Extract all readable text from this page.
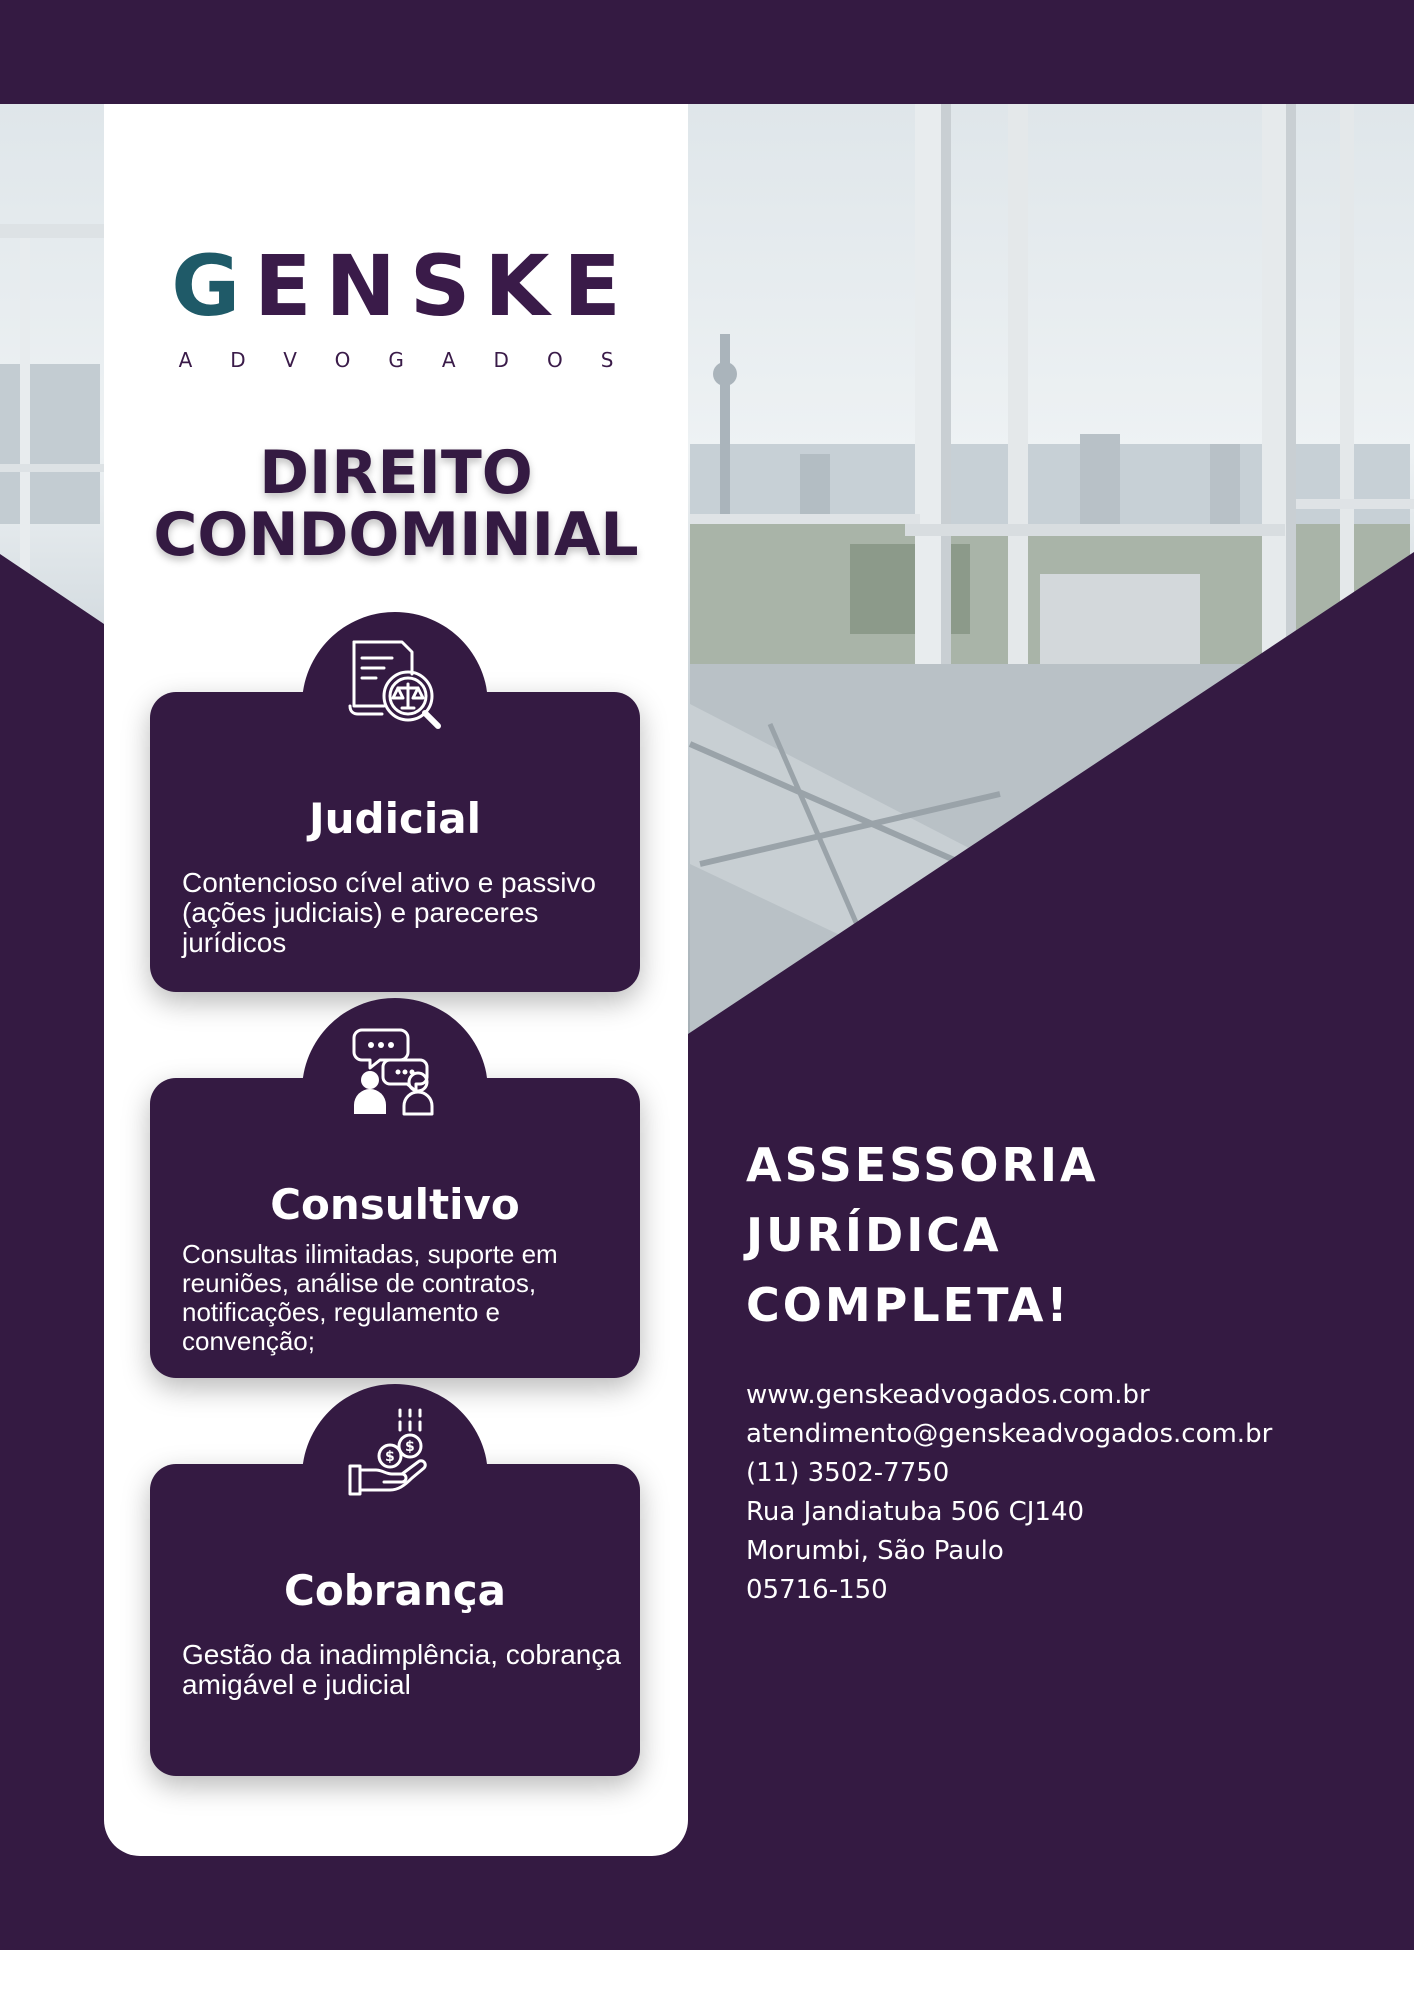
GENSKE
ADVOGADOS
DIREITO
CONDOMINIAL
Judicial
Contencioso cível ativo e passivo (ações judiciais) e pareceres jurídicos
Consultivo
Consultas ilimitadas, suporte em reuniões, análise de contratos, notificações, regulamento e convenção;
$
$
Cobrança
Gestão da inadimplência, cobrança amigável e judicial
ASSESSORIA
JURÍDICA
COMPLETA!
www.genskeadvogados.com.br
atendimento@genskeadvogados.com.br
(11) 3502-7750
Rua Jandiatuba 506 CJ140
Morumbi, São Paulo
05716-150
